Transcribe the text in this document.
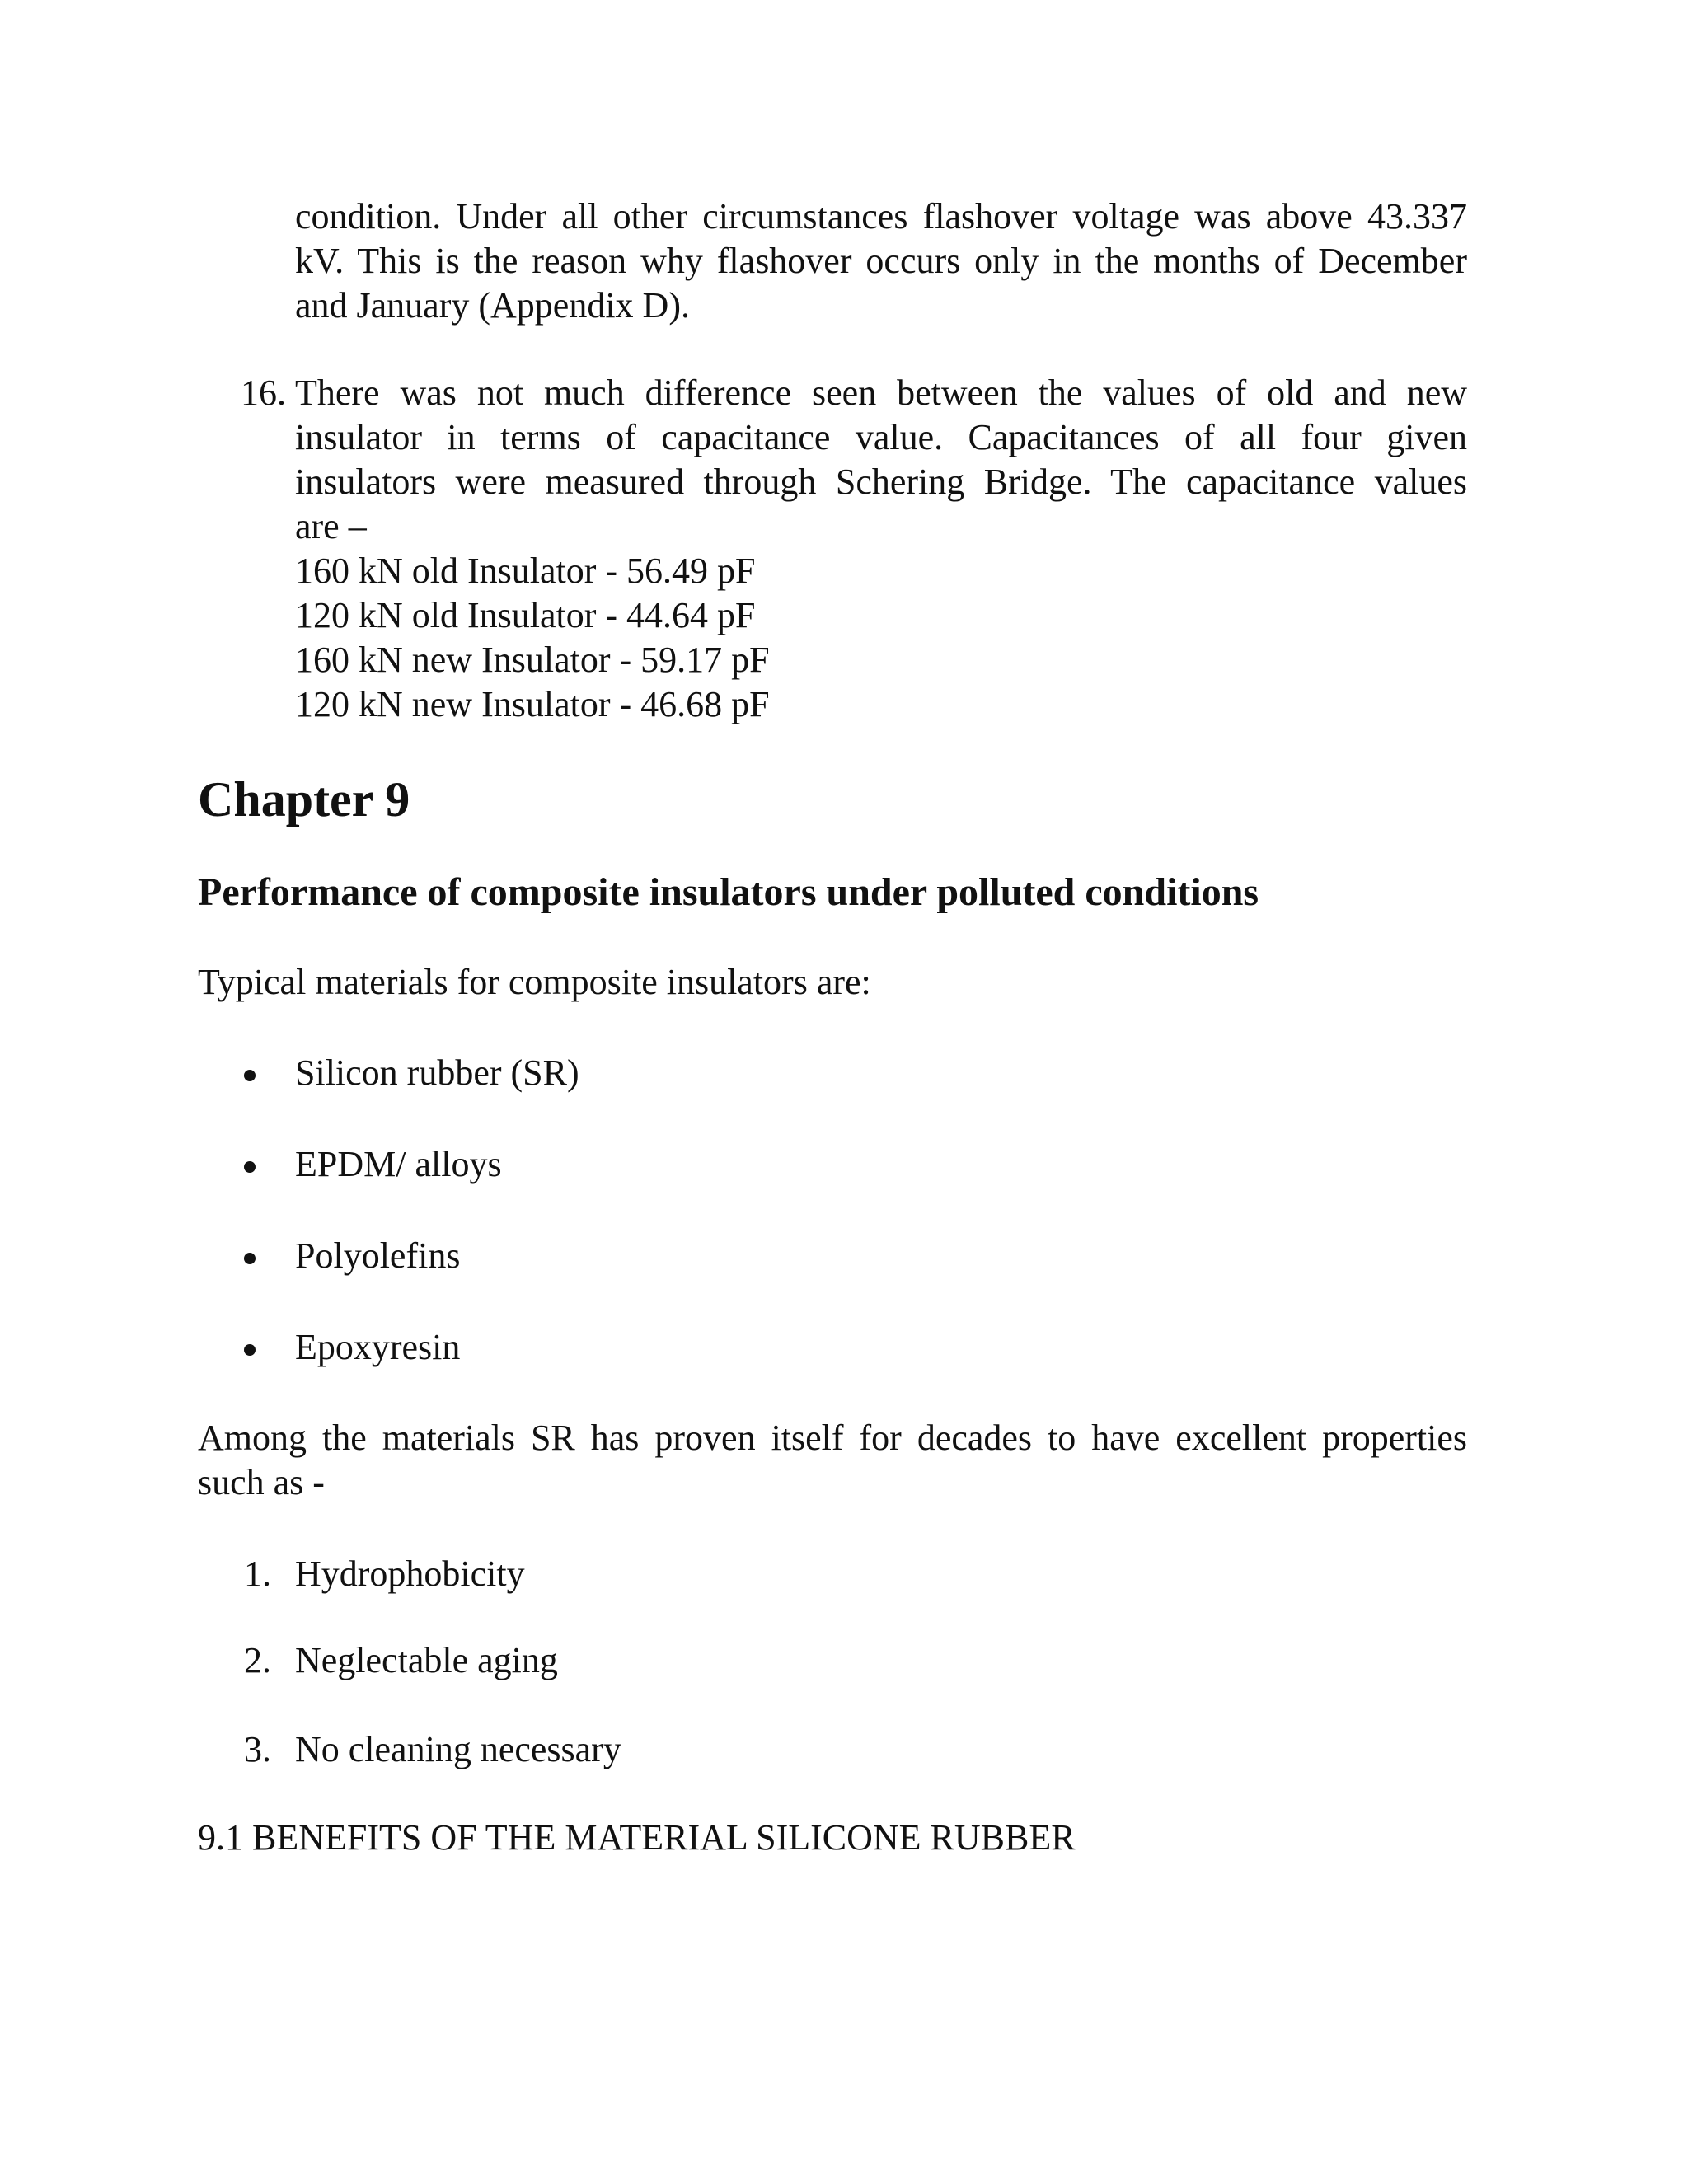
condition. Under all other circumstances flashover voltage was above 43.337
kV. This is the reason why flashover occurs only in the months of December
and January (Appendix D).
16. There was not much difference seen between the values of old and new
insulator in terms of capacitance value. Capacitances of all four given
insulators were measured through Schering Bridge. The capacitance values
are –
160 kN old Insulator - 56.49 pF
120 kN old Insulator - 44.64 pF
160 kN new Insulator - 59.17 pF
120 kN new Insulator - 46.68 pF
Chapter 9
Performance of composite insulators under polluted conditions
Typical materials for composite insulators are:
Silicon rubber (SR)
EPDM/ alloys
Polyolefins
Epoxyresin
Among the materials SR has proven itself for decades to have excellent properties
such as -
1. Hydrophobicity
2. Neglectable aging
3. No cleaning necessary
9.1 BENEFITS OF THE MATERIAL SILICONE RUBBER
